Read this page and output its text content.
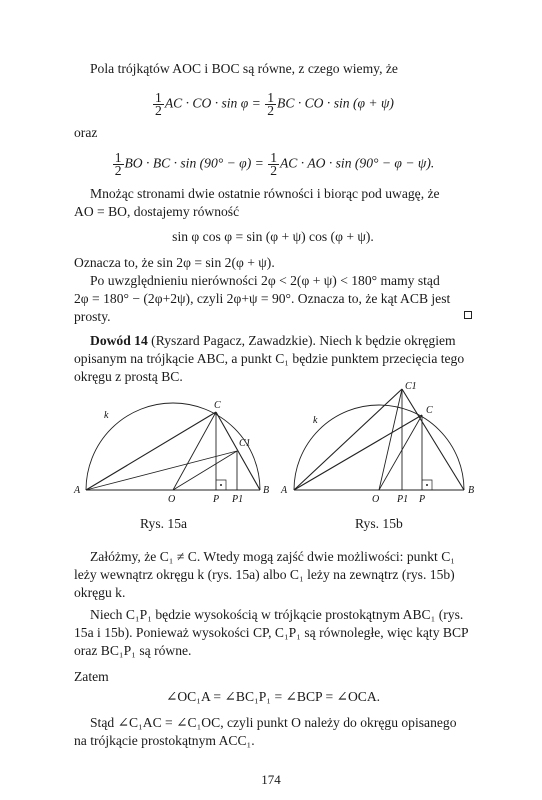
Pola trójkątów AOC i BOC są równe, z czego wiemy, że
$\frac{1}{2}$ AC · CO · $\sin \varphi = \frac{1}{2}$ BC · CO · sin (φ + ψ)
oraz
$\frac{1}{2}$ BO · BC · $\sin (90^\circ - \varphi) = \frac{1}{2}$ AC · AO · sin (90° − φ − ψ).
Mnożąc stronami dwie ostatnie równości i biorąc pod uwagę, że
AO = BO, dostajemy równość
sin φ cos φ = sin (φ + ψ) cos (φ + ψ).
Oznacza to, że sin 2φ = sin 2(φ + ψ).
Po uwzględnieniu nierówności 2φ < 2(φ + ψ) < 180° mamy stąd
2φ = 180° − (2φ+2ψ), czyli 2φ+ψ = 90°. Oznacza to, że kąt ACB jest
prosty.
Dowód 14 (Ryszard Pagacz, Zawadzkie). Niech k będzie okręgiem
opisanym na trójkącie ABC, a punkt C₁ będzie punktem przecięcia tego
okręgu z prostą BC.
k
C
C1
A
O	P P1
B
k
C1
C
A
O P1 P
B
Rys. 15a	Rys. 15b
Załóżmy, że C₁ ≠ C. Wtedy mogą zajść dwie możliwości: punkt C₁
leży wewnątrz okręgu k (rys. 15a) albo C₁ leży na zewnątrz (rys. 15b)
okręgu k.
Niech C₁P₁ będzie wysokością w trójkącie prostokątnym ABC₁ (rys.
15a i 15b). Ponieważ wysokości CP, C₁P₁ są równoległe, więc kąty BCP
oraz BC₁P₁ są równe.
Zatem
∠OC₁A = ∠BC₁P₁ = ∠BCP = ∠OCA.
Stąd ∠C₁AC = ∠C₁OC, czyli punkt O należy do okręgu opisanego
na trójkącie prostokątnym ACC₁.
174
